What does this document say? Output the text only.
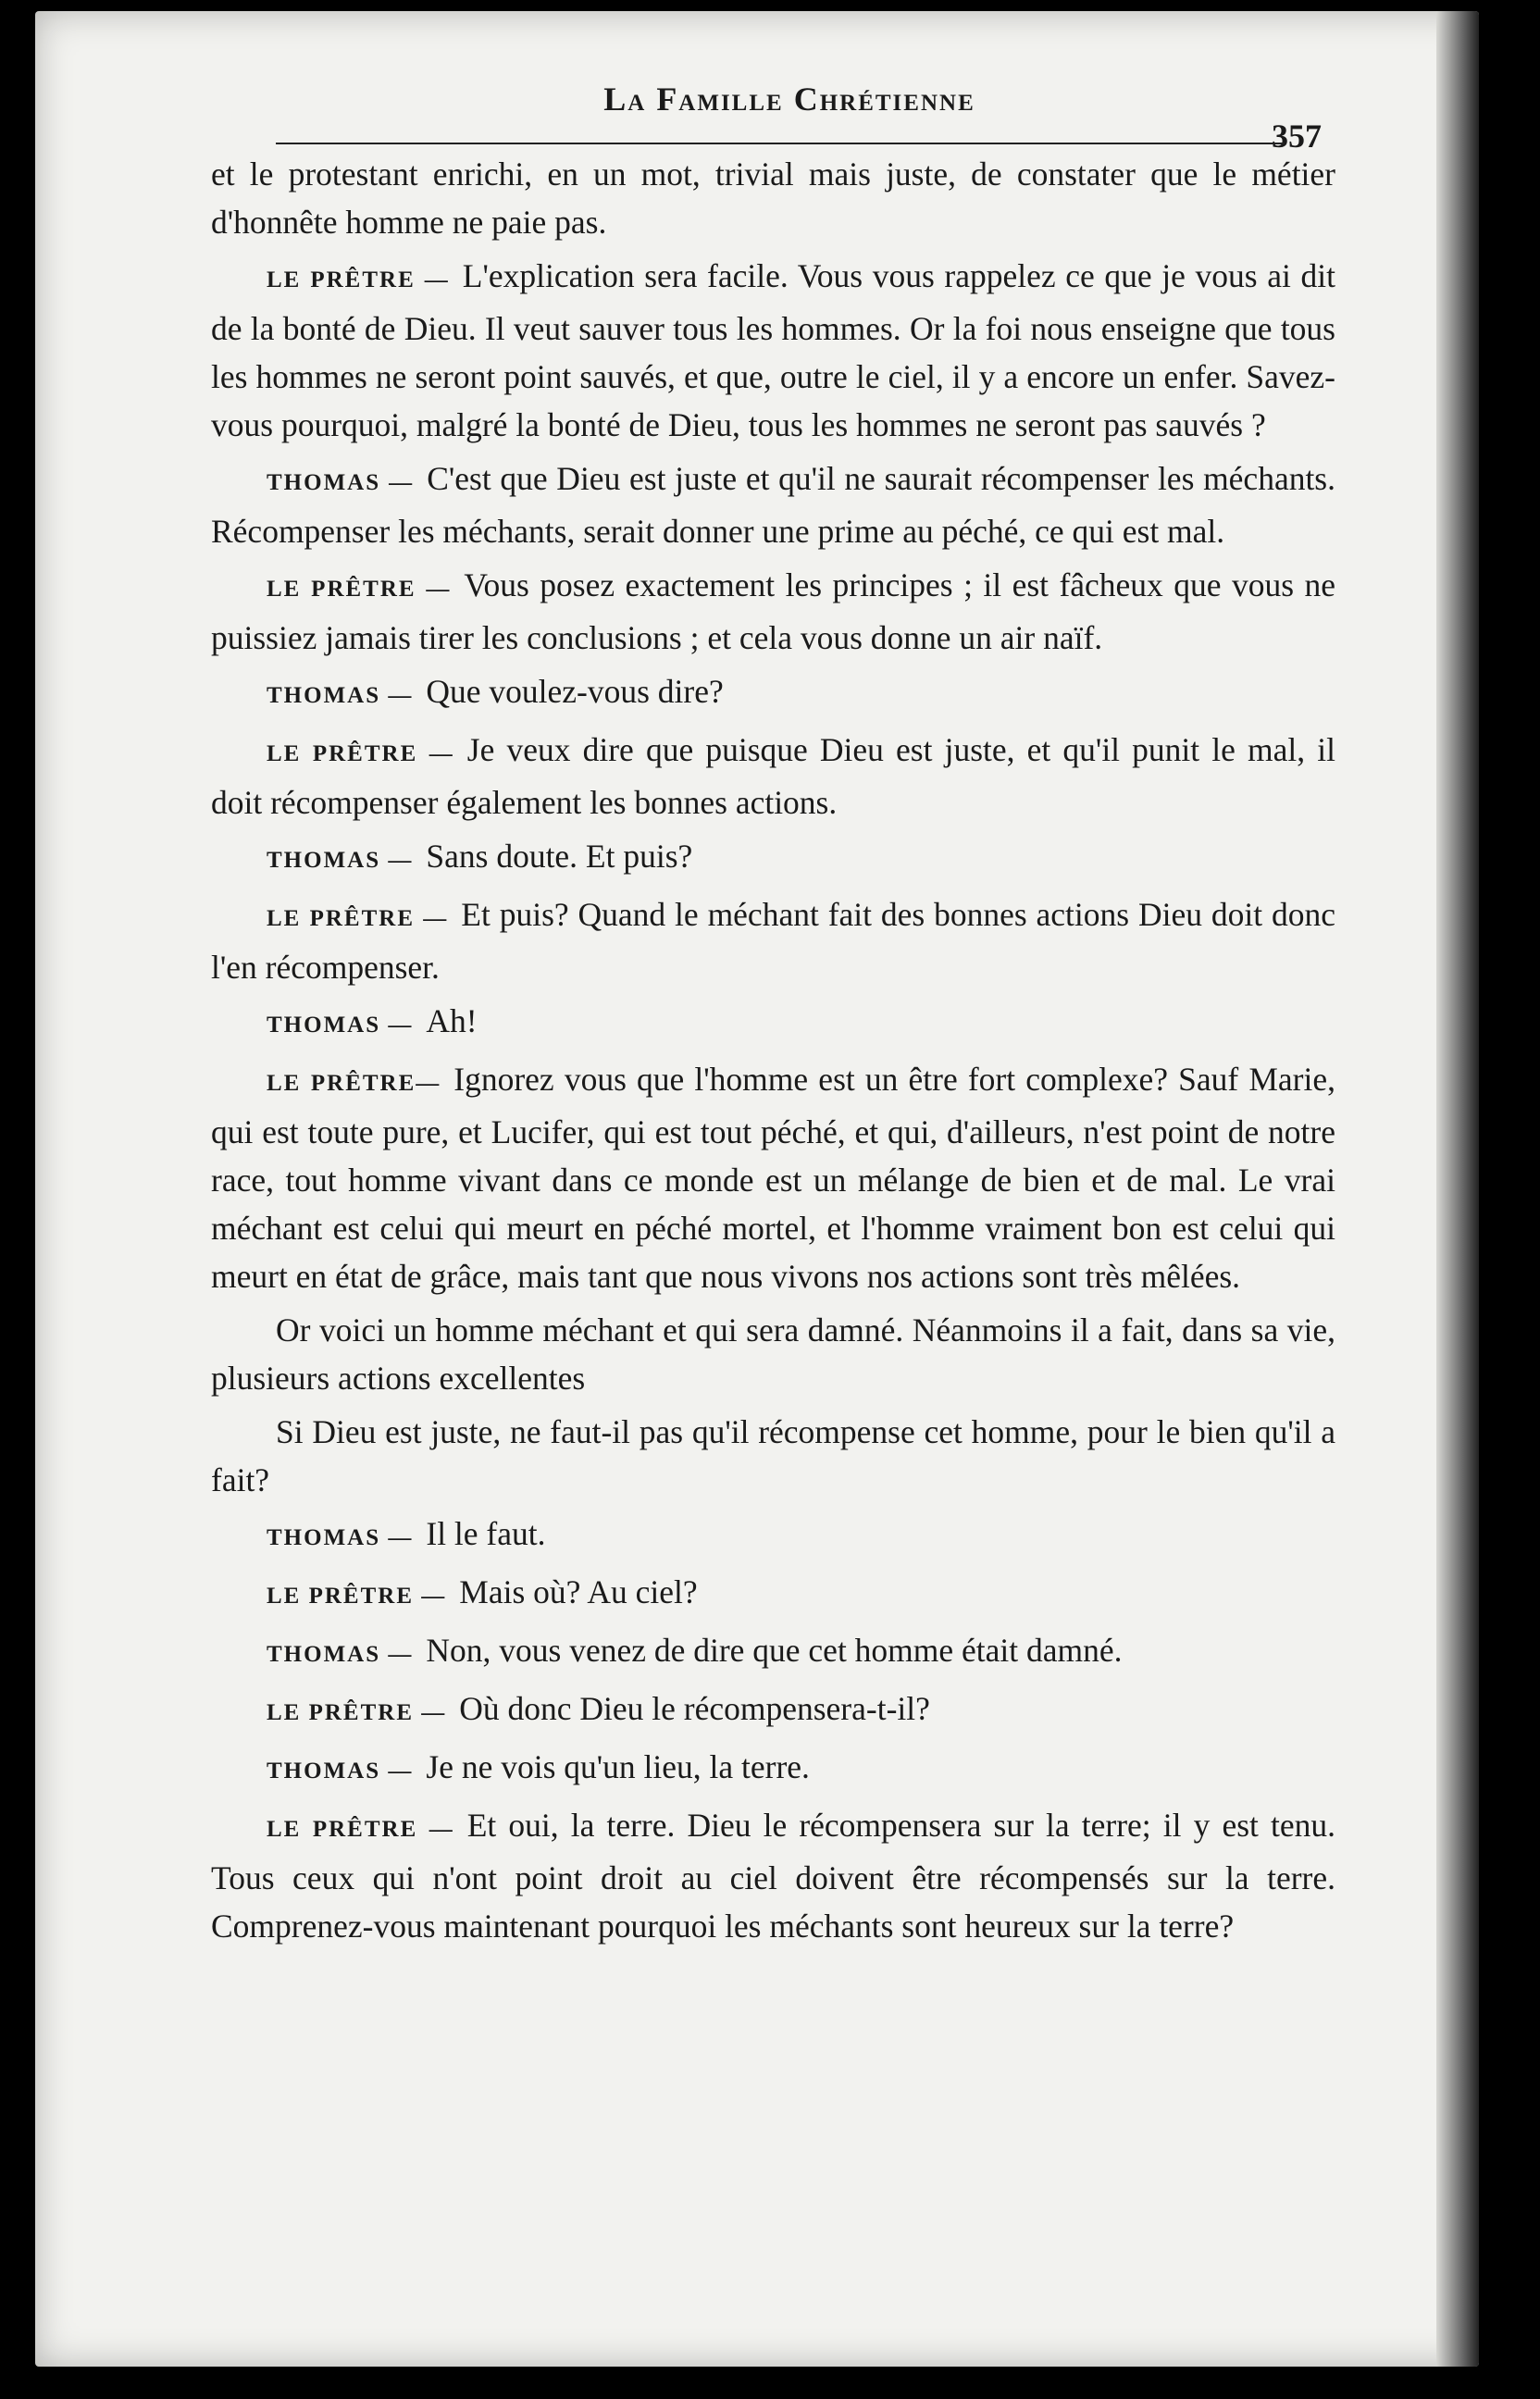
La Famille Chrétienne
357

et le protestant enrichi, en un mot, trivial mais juste, de constater que le métier d'honnête homme ne paie pas.

LE PRÊTRE — L'explication sera facile. Vous vous rappelez ce que je vous ai dit de la bonté de Dieu. Il veut sauver tous les hommes. Or la foi nous enseigne que tous les hommes ne seront point sauvés, et que, outre le ciel, il y a encore un enfer. Savez-vous pourquoi, malgré la bonté de Dieu, tous les hommes ne seront pas sauvés ?

THOMAS — C'est que Dieu est juste et qu'il ne saurait récompenser les méchants. Récompenser les méchants, serait donner une prime au péché, ce qui est mal.

LE PRÊTRE — Vous posez exactement les principes ; il est fâcheux que vous ne puissiez jamais tirer les conclusions ; et cela vous donne un air naïf.

THOMAS — Que voulez-vous dire?

LE PRÊTRE — Je veux dire que puisque Dieu est juste, et qu'il punit le mal, il doit récompenser également les bonnes actions.

THOMAS — Sans doute. Et puis?

LE PRÊTRE — Et puis? Quand le méchant fait des bonnes actions Dieu doit donc l'en récompenser.

THOMAS — Ah!

LE PRÊTRE— Ignorez vous que l'homme est un être fort complexe? Sauf Marie, qui est toute pure, et Lucifer, qui est tout péché, et qui, d'ailleurs, n'est point de notre race, tout homme vivant dans ce monde est un mélange de bien et de mal. Le vrai méchant est celui qui meurt en péché mortel, et l'homme vraiment bon est celui qui meurt en état de grâce, mais tant que nous vivons nos actions sont très mêlées.

Or voici un homme méchant et qui sera damné. Néanmoins il a fait, dans sa vie, plusieurs actions excellentes

Si Dieu est juste, ne faut-il pas qu'il récompense cet homme, pour le bien qu'il a fait?

THOMAS — Il le faut.

LE PRÊTRE — Mais où? Au ciel?

THOMAS — Non, vous venez de dire que cet homme était damné.

LE PRÊTRE — Où donc Dieu le récompensera-t-il?

THOMAS — Je ne vois qu'un lieu, la terre.

LE PRÊTRE — Et oui, la terre. Dieu le récompensera sur la terre; il y est tenu. Tous ceux qui n'ont point droit au ciel doivent être récompensés sur la terre. Comprenez-vous maintenant pourquoi les méchants sont heureux sur la terre?
